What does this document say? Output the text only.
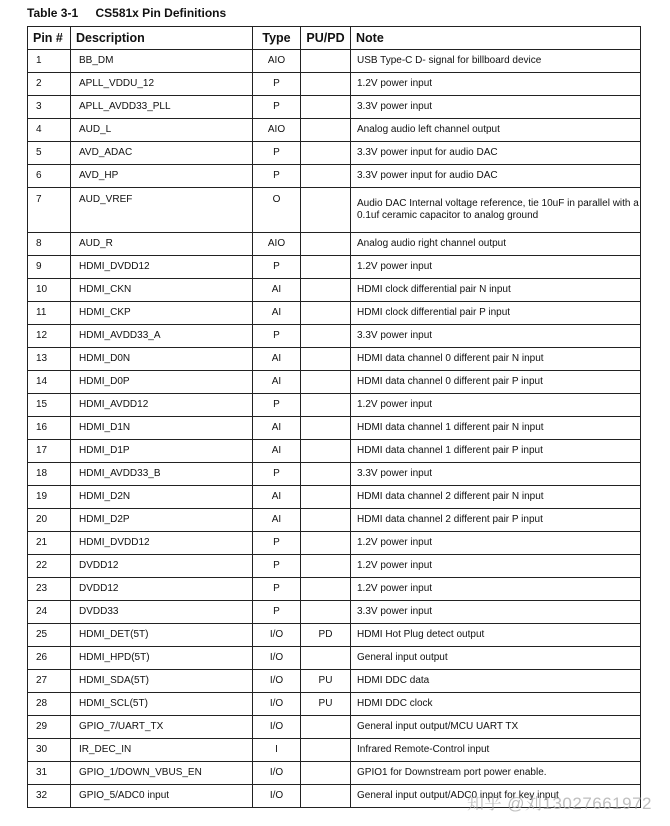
Table 3-1 CS581x Pin Definitions
Pin #	Description	Type	PU/PD	Note
1	BB_DM	AIO		USB Type-C D- signal for billboard device
2	APLL_VDDU_12	P		1.2V power input
3	APLL_AVDD33_PLL	P		3.3V power input
4	AUD_L	AIO		Analog audio left channel output
5	AVD_ADAC	P		3.3V power input for audio DAC
6	AVD_HP	P		3.3V power input for audio DAC
7	AUD_VREF	O		Audio DAC Internal voltage reference, tie 10uF in parallel with a 0.1uf ceramic capacitor to analog ground
8	AUD_R	AIO		Analog audio right channel output
9	HDMI_DVDD12	P		1.2V power input
10	HDMI_CKN	AI		HDMI clock differential pair N input
11	HDMI_CKP	AI		HDMI clock differential pair P input
12	HDMI_AVDD33_A	P		3.3V power input
13	HDMI_D0N	AI		HDMI data channel 0 different pair N input
14	HDMI_D0P	AI		HDMI data channel 0 different pair P input
15	HDMI_AVDD12	P		1.2V power input
16	HDMI_D1N	AI		HDMI data channel 1 different pair N input
17	HDMI_D1P	AI		HDMI data channel 1 different pair P input
18	HDMI_AVDD33_B	P		3.3V power input
19	HDMI_D2N	AI		HDMI data channel 2 different pair N input
20	HDMI_D2P	AI		HDMI data channel 2 different pair P input
21	HDMI_DVDD12	P		1.2V power input
22	DVDD12	P		1.2V power input
23	DVDD12	P		1.2V power input
24	DVDD33	P		3.3V power input
25	HDMI_DET(5T)	I/O	PD	HDMI Hot Plug detect output
26	HDMI_HPD(5T)	I/O		General input output
27	HDMI_SDA(5T)	I/O	PU	HDMI DDC data
28	HDMI_SCL(5T)	I/O	PU	HDMI DDC clock
29	GPIO_7/UART_TX	I/O		General input output/MCU UART TX
30	IR_DEC_IN	I		Infrared Remote-Control input
31	GPIO_1/DOWN_VBUS_EN	I/O		GPIO1 for Downstream port power enable.
32	GPIO_5/ADC0 input	I/O		General input output/ADC0 input for key input
知乎 @刘13027661972
